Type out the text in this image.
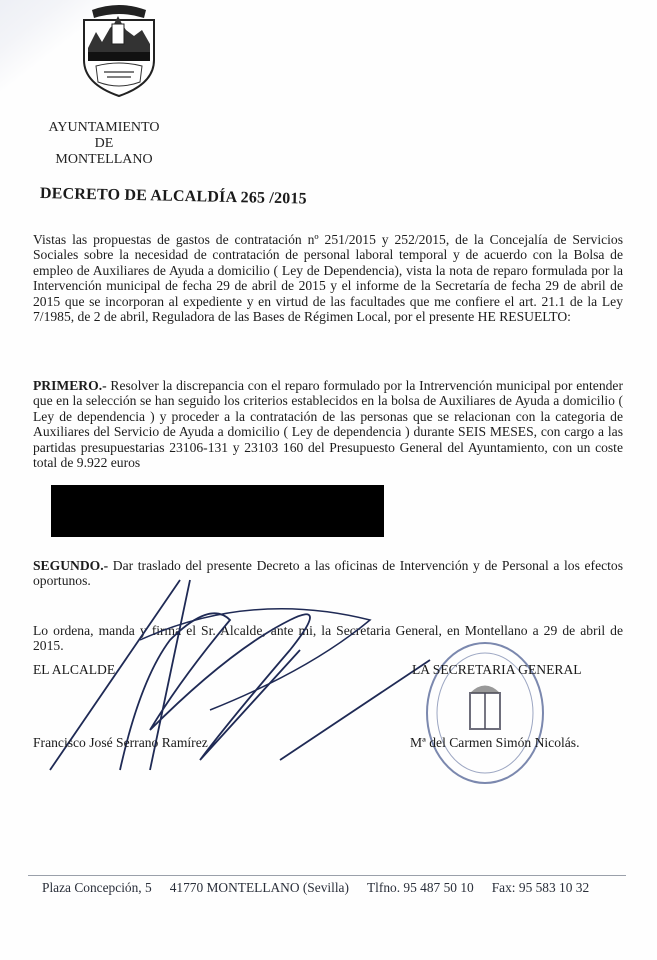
AYUNTAMIENTO
DE
MONTELLANO
DECRETO DE ALCALDÍA 265 /2015
Vistas las propuestas de gastos de contratación nº 251/2015 y 252/2015, de la Concejalía de Servicios Sociales sobre la necesidad de contratación de personal laboral temporal y de acuerdo con la Bolsa de empleo de Auxiliares de Ayuda a domicilio ( Ley de Dependencia), vista la nota de reparo formulada por la Intervención municipal de fecha 29 de abril de 2015 y el informe de la Secretaría de fecha 29 de abril de 2015 que se incorporan al expediente y en virtud de las facultades que me confiere el art. 21.1 de la Ley 7/1985, de 2 de abril, Reguladora de las Bases de Régimen Local, por el presente HE RESUELTO:
PRIMERO.- Resolver la discrepancia con el reparo formulado por la Intrervención municipal por entender que en la selección se han seguido los criterios establecidos en la bolsa de Auxiliares de Ayuda a domicilio ( Ley de dependencia ) y proceder a la contratación de las personas que se relacionan con la categoria de Auxiliares del Servicio de Ayuda a domicilio ( Ley de dependencia ) durante SEIS MESES, con cargo a las partidas presupuestarias 23106-131 y 23103 160 del Presupuesto General del Ayuntamiento, con un coste total de 9.922 euros
SEGUNDO.- Dar traslado del presente Decreto a las oficinas de Intervención y de Personal a los efectos oportunos.
Lo ordena, manda y firma el Sr. Alcalde, ante mi, la Secretaria General, en Montellano a 29 de abril de 2015.
EL ALCALDE
Francisco José Serrano Ramírez
LA SECRETARIA GENERAL
Mª del Carmen Simón Nicolás.
Plaza Concepción, 5 41770 MONTELLANO (Sevilla) Tlfno. 95 487 50 10 Fax: 95 583 10 32
